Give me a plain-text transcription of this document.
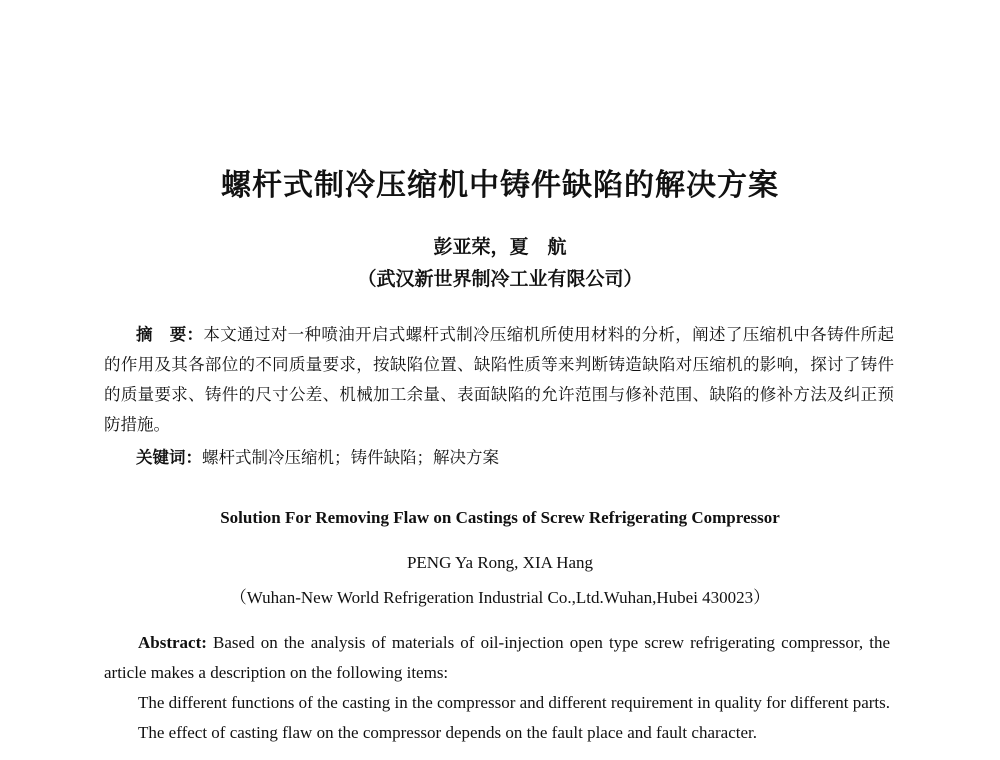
螺杆式制冷压缩机中铸件缺陷的解决方案
彭亚荣，夏　航
（武汉新世界制冷工业有限公司）
摘　要：本文通过对一种喷油开启式螺杆式制冷压缩机所使用材料的分析，阐述了压缩机中各铸件所起的作用及其各部位的不同质量要求，按缺陷位置、缺陷性质等来判断铸造缺陷对压缩机的影响，探讨了铸件的质量要求、铸件的尺寸公差、机械加工余量、表面缺陷的允许范围与修补范围、缺陷的修补方法及纠正预防措施。
关键词：螺杆式制冷压缩机；铸件缺陷；解决方案
Solution For Removing Flaw on Castings of Screw Refrigerating Compressor
PENG Ya Rong, XIA Hang
（Wuhan-New World Refrigeration Industrial Co.,Ltd.Wuhan,Hubei 430023）

Abstract: Based on the analysis of materials of oil-injection open type screw refrigerating compressor, the article makes a description on the following items:

The different functions of the casting in the compressor and different requirement in quality for different parts.

The effect of casting flaw on the compressor depends on the fault place and fault character.
